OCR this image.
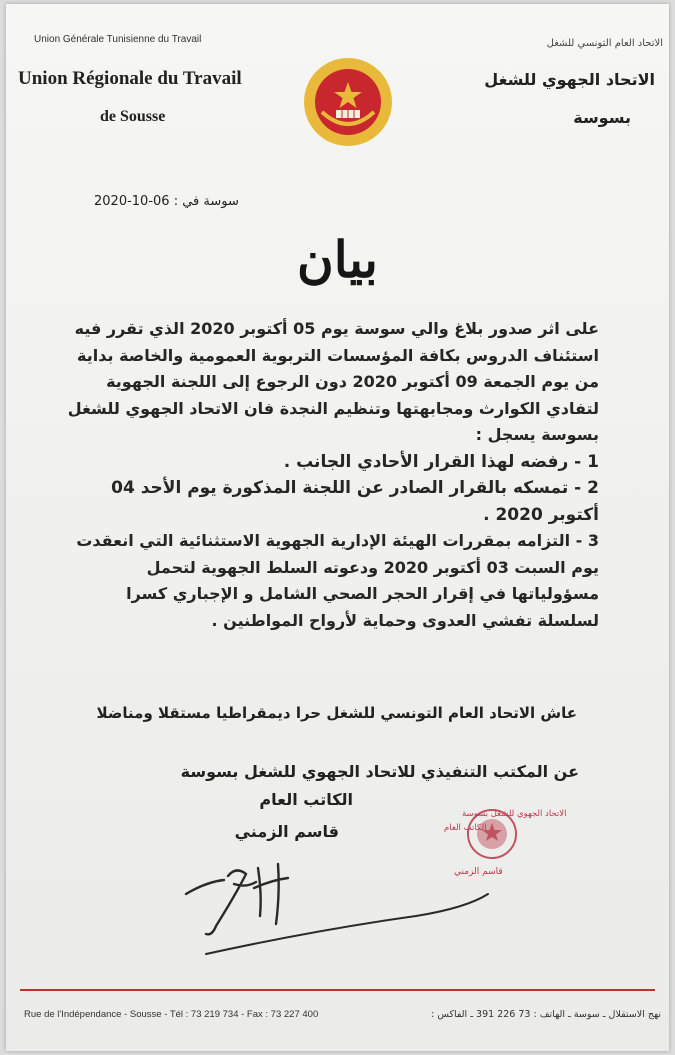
Union Générale Tunisienne du Travail
Union Régionale du Travail
de Sousse
الاتحاد العام التونسي للشغل
الاتحاد الجهوي للشغل
بسوسة
2020-10-06 سوسة في :
بيان

على اثر صدور بلاغ والي سوسة يوم 05 أكتوبر 2020 الذي تقرر فيه استئناف الدروس بكافة المؤسسات التربوية العمومية والخاصة بداية من يوم الجمعة 09 أكتوبر 2020 دون الرجوع إلى اللجنة الجهوية لتفادي الكوارث ومجابهتها وتنظيم النجدة فان الاتحاد الجهوي للشغل بسوسة يسجل :

1 - رفضه لهذا القرار الأحادي الجانب .

2 - تمسكه بالقرار الصادر عن اللجنة المذكورة يوم الأحد 04 أكتوبر 2020 .

3 - التزامه بمقررات الهيئة الإدارية الجهوية الاستثنائية التي انعقدت يوم السبت 03 أكتوبر 2020 ودعوته السلط الجهوية لتحمل مسؤولياتها في إقرار الحجر الصحي الشامل و الإجباري كسرا لسلسلة تفشي العدوى وحماية لأرواح المواطنين .

عاش الاتحاد العام التونسي للشغل حرا ديمقراطيا مستقلا ومناضلا
عن المكتب التنفيذي للاتحاد الجهوي للشغل بسوسة
الكاتب العام
قاسم الزمني
الاتحاد الجهوي للشغل بسوسة
الكاتب العام
قاسم الزمني
Rue de l'Indépendance - Sousse - Tél : 73 219 734 - Fax : 73 227 400	نهج الاستقلال ـ سوسة ـ الهاتف : 73 226 391 ـ الفاكس :
